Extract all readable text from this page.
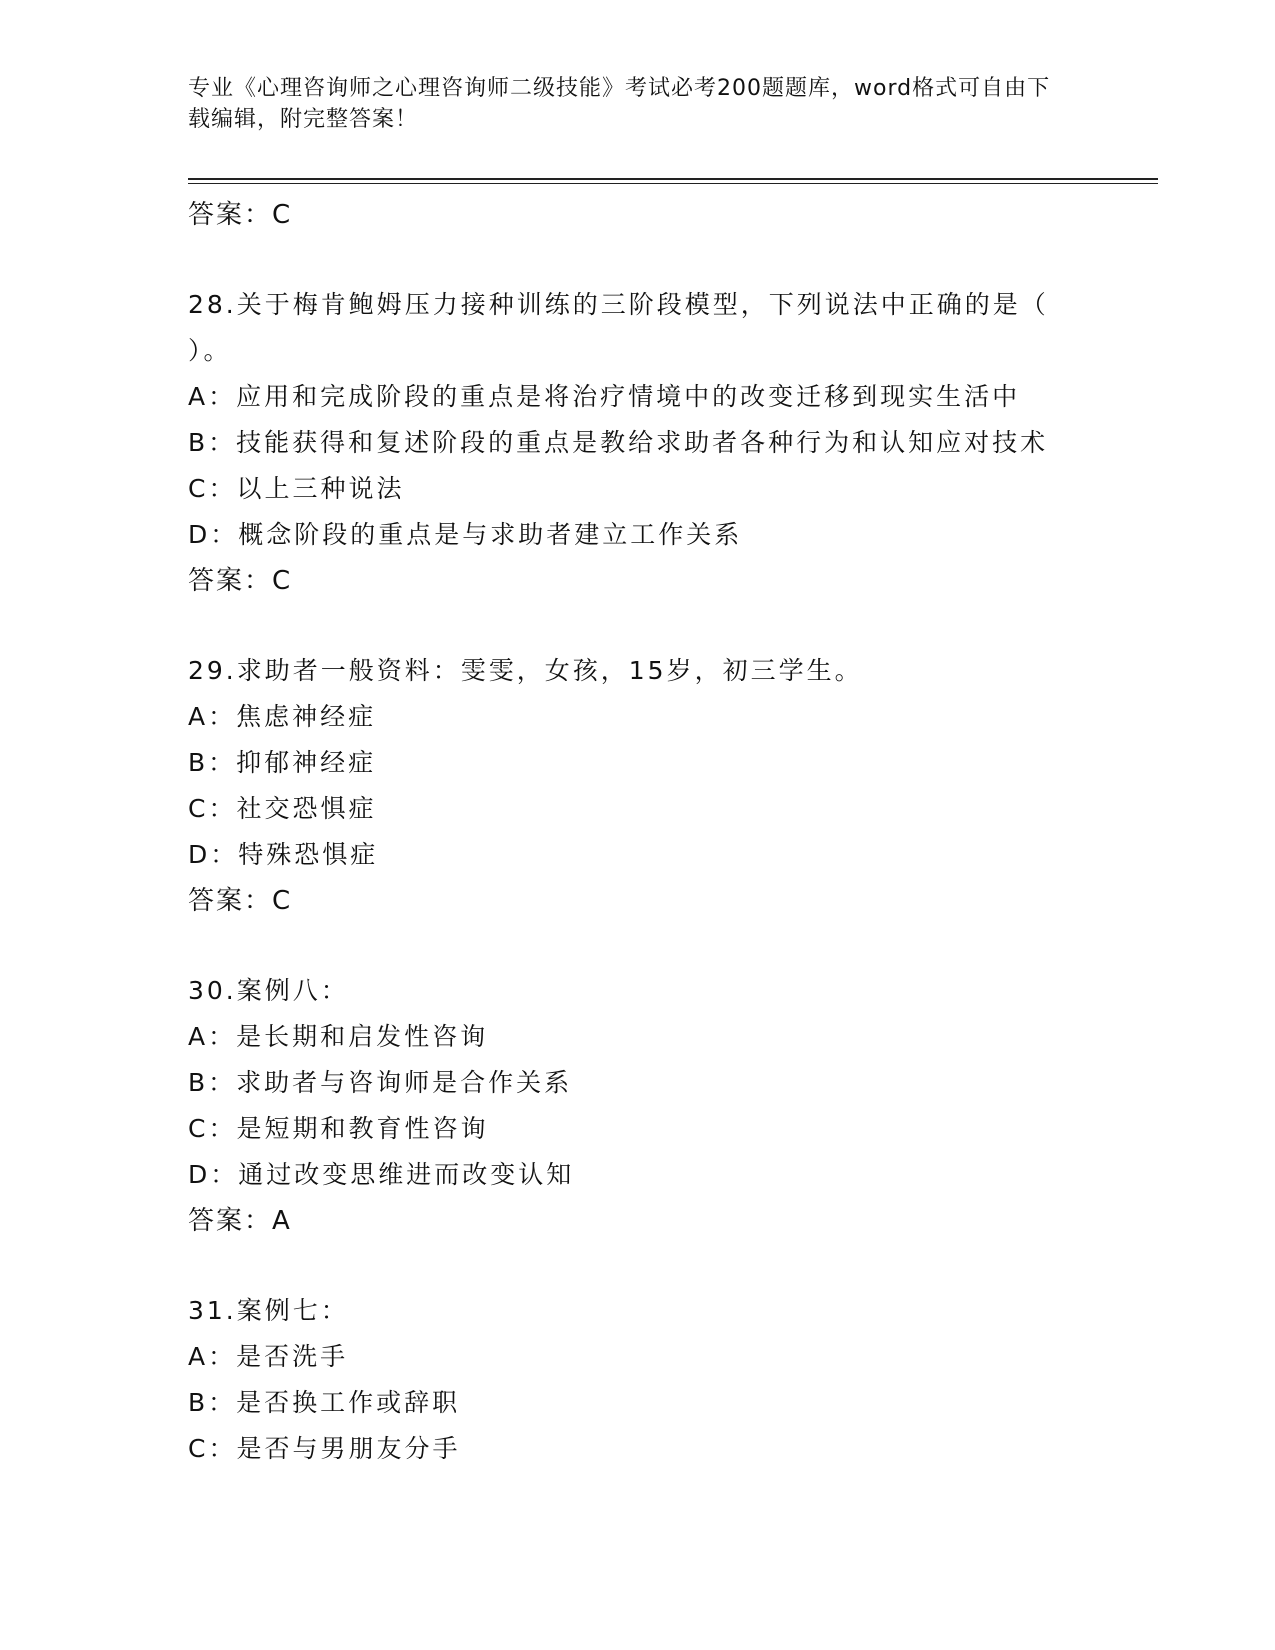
专业《心理咨询师之心理咨询师二级技能》考试必考200题题库，word格式可自由下载编辑，附完整答案！
答案：C
28.关于梅肯鲍姆压力接种训练的三阶段模型，下列说法中正确的是（ ）。
A：应用和完成阶段的重点是将治疗情境中的改变迁移到现实生活中
B：技能获得和复述阶段的重点是教给求助者各种行为和认知应对技术
C：以上三种说法
D：概念阶段的重点是与求助者建立工作关系
答案：C
29.求助者一般资料：雯雯，女孩，15岁，初三学生。
A：焦虑神经症
B：抑郁神经症
C：社交恐惧症
D：特殊恐惧症
答案：C
30.案例八：
A：是长期和启发性咨询
B：求助者与咨询师是合作关系
C：是短期和教育性咨询
D：通过改变思维进而改变认知
答案：A
31.案例七：
A：是否洗手
B：是否换工作或辞职
C：是否与男朋友分手
